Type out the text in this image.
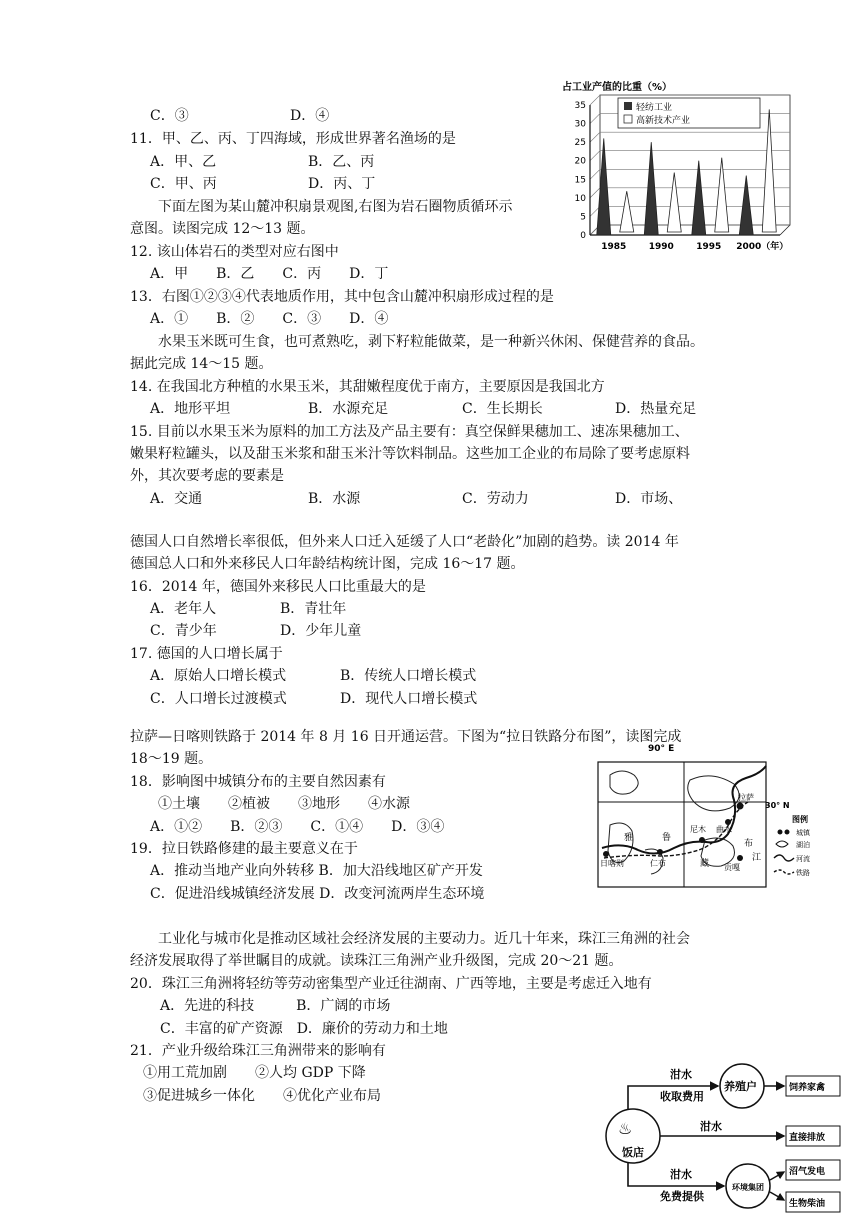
C．③	D．④
11．甲、乙、丙、丁四海域，形成世界著名渔场的是
A．甲、乙	B．乙、丙
C．甲、丙	D．丙、丁
下面左图为某山麓冲积扇景观图,右图为岩石圈物质循环示
意图。读图完成 12～13 题。
12. 该山体岩石的类型对应右图中
A．甲　　B．乙　　C．丙　　D．丁
13．右图①②③④代表地质作用，其中包含山麓冲积扇形成过程的是
A．①　　B．②　　C．③　　D．④
水果玉米既可生食，也可煮熟吃，剥下籽粒能做菜，是一种新兴休闲、保健营养的食品。
据此完成 14～15 题。
14. 在我国北方种植的水果玉米，其甜嫩程度优于南方，主要原因是我国北方
A．地形平坦	B．水源充足	C．生长期长	D．热量充足
15. 目前以水果玉米为原料的加工方法及产品主要有：真空保鲜果穗加工、速冻果穗加工、
嫩果籽粒罐头，以及甜玉米浆和甜玉米汁等饮料制品。这些加工企业的布局除了要考虑原料
外，其次要考虑的要素是
A．交通	B．水源	C．劳动力	D．市场、
德国人口自然增长率很低，但外来人口迁入延缓了人口“老龄化”加剧的趋势。读 2014 年
德国总人口和外来移民人口年龄结构统计图，完成 16～17 题。
16．2014 年，德国外来移民人口比重最大的是
A．老年人	B．青壮年
C．青少年	D．少年儿童
17. 德国的人口增长属于
A．原始人口增长模式	B．传统人口增长模式
C．人口增长过渡模式	D．现代人口增长模式
拉萨—日喀则铁路于 2014 年 8 月 16 日开通运营。下图为“拉日铁路分布图”，读图完成
18～19 题。
18．影响图中城镇分布的主要自然因素有
①土壤　　②植被　　③地形　　④水源
A．①②　　B．②③　　C．①④　　D．③④
19．拉日铁路修建的最主要意义在于
A．推动当地产业向外转移 B．加大沿线地区矿产开发
C．促进沿线城镇经济发展 D．改变河流两岸生态环境
工业化与城市化是推动区域社会经济发展的主要动力。近几十年来，珠江三角洲的社会
经济发展取得了举世瞩目的成就。读珠江三角洲产业升级图，完成 20～21 题。
20．珠江三角洲将轻纺等劳动密集型产业迁往湖南、广西等地，主要是考虑迁入地有
A．先进的科技　　　B．广阔的市场
C．丰富的矿产资源　D．廉价的劳动力和土地
21．产业升级给珠江三角洲带来的影响有
①用工荒加剧　　②人均 GDP 下降
③促进城乡一体化　　④优化产业布局
占工业产值的比重（%）
0
5
10
15
20
25
30
35
1985 1990 1995 2000（年）
轻纺工业
高新技术产业
90° E
30° N
雅	鲁
藏
布
尼木 曲水
拉萨
日喀则	仁布	贡嘎
江
图例
城镇
湖泊
河流
铁路
♨
饭店
泔水
收取费用
养殖户	饲养家禽
泔水
直接排放
泔水
免费提供
环境集团
沼气发电
生物柴油
